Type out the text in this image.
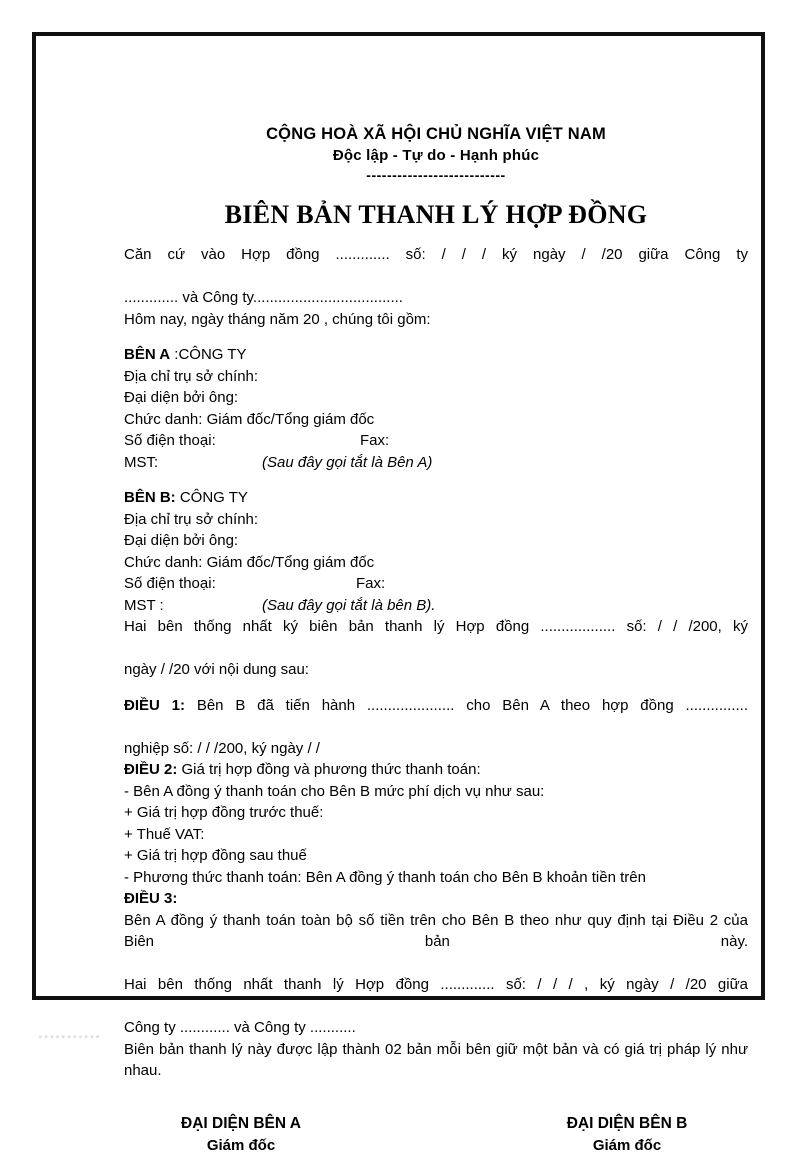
CỘNG HOÀ XÃ HỘI CHỦ NGHĨA VIỆT NAM
Độc lập - Tự do - Hạnh phúc
---------------------------
BIÊN BẢN THANH LÝ HỢP ĐỒNG
Căn cứ vào Hợp đồng ............. số: / / / ký ngày / /20 giữa Công ty
............. và Công ty....................................
Hôm nay, ngày tháng năm 20 , chúng tôi gồm:
BÊN A :CÔNG TY
Địa chỉ trụ sở chính:
Đại diện bởi ông:
Chức danh: Giám đốc/Tổng giám đốc
Số điện thoại:	Fax:
MST:	(Sau đây gọi tắt là Bên A)
BÊN B: CÔNG TY
Địa chỉ trụ sở chính:
Đại diện bởi ông:
Chức danh: Giám đốc/Tổng giám đốc
Số điện thoại:	Fax:
MST :	(Sau đây gọi tắt là bên B).
Hai bên thống nhất ký biên bản thanh lý Hợp đồng .................. số: / / /200, ký
ngày / /20 với nội dung sau:
ĐIỀU 1: Bên B đã tiến hành ..................... cho Bên A theo hợp đồng ...............
nghiệp số: / / /200, ký ngày / /
ĐIỀU 2: Giá trị hợp đồng và phương thức thanh toán:
- Bên A đồng ý thanh toán cho Bên B mức phí dịch vụ như sau:
+ Giá trị hợp đồng trước thuế:
+ Thuế VAT:
+ Giá trị hợp đồng sau thuế
- Phương thức thanh toán: Bên A đồng ý thanh toán cho Bên B khoản tiền trên
ĐIỀU 3:
Bên A đồng ý thanh toán toàn bộ số tiền trên cho Bên B theo như quy định tại Điều 2 của Biên bản này.
Hai bên thống nhất thanh lý Hợp đồng ............. số: / / / , ký ngày / /20 giữa
Công ty ............ và Công ty ...........
Biên bản thanh lý này được lập thành 02 bản mỗi bên giữ một bản và có giá trị pháp lý như nhau.
ĐẠI DIỆN BÊN A
Giám đốc
ĐẠI DIỆN BÊN B
Giám đốc
...........
